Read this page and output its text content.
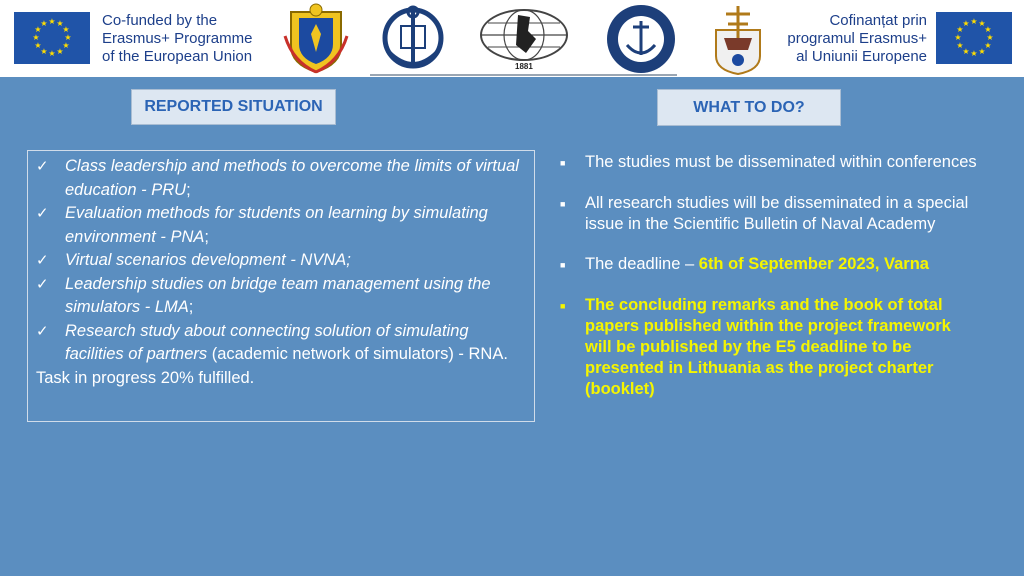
★ ★
★
★
★
★
★
★
★
★
★
★	Co-funded by the
Erasmus+ Programme
of the European Union
1881
Cofinanțat prin
programul Erasmus+
al Uniunii Europene
★ ★
★
★
★
★
★
★
★
★
★
★
REPORTED SITUATION	WHAT TO DO?
✓ Class leadership and methods to overcome the limits of virtual education - PRU;
✓ Evaluation methods for students on learning by simulating environment - PNA;
✓ Virtual scenarios development - NVNA;
✓ Leadership studies on bridge team management using the simulators - LMA;
✓ Research study about connecting solution of simulating facilities of partners (academic network of simulators) - RNA.
Task in progress 20% fulfilled.
■	The studies must be disseminated within conferences
■	All research studies will be disseminated in a special issue in the Scientific Bulletin of Naval Academy
■	The deadline – 6th of September 2023, Varna
■	The concluding remarks and the book of total papers published within the project framework will be published by the E5 deadline to be presented in Lithuania as the project charter (booklet)
